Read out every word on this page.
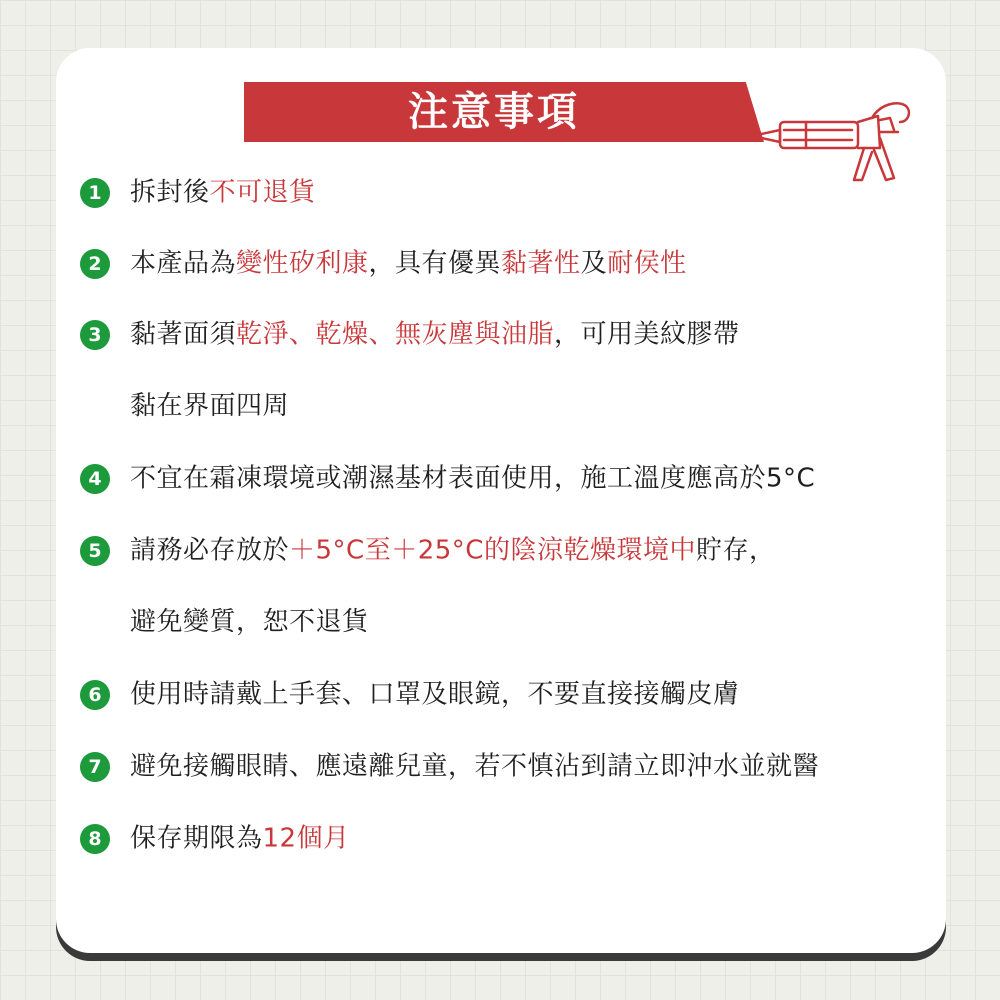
注意事項
1 拆封後不可退貨
2 本產品為變性矽利康，具有優異黏著性及耐侯性
3 黏著面須乾淨、乾燥、無灰塵與油脂，可用美紋膠帶
黏在界面四周
4 不宜在霜凍環境或潮濕基材表面使用，施工溫度應高於5°C
5 請務必存放於＋5°C至＋25°C的陰涼乾燥環境中貯存，
避免變質，恕不退貨
6 使用時請戴上手套、口罩及眼鏡，不要直接接觸皮膚
7 避免接觸眼睛、應遠離兒童，若不慎沾到請立即沖水並就醫
8 保存期限為12個月
